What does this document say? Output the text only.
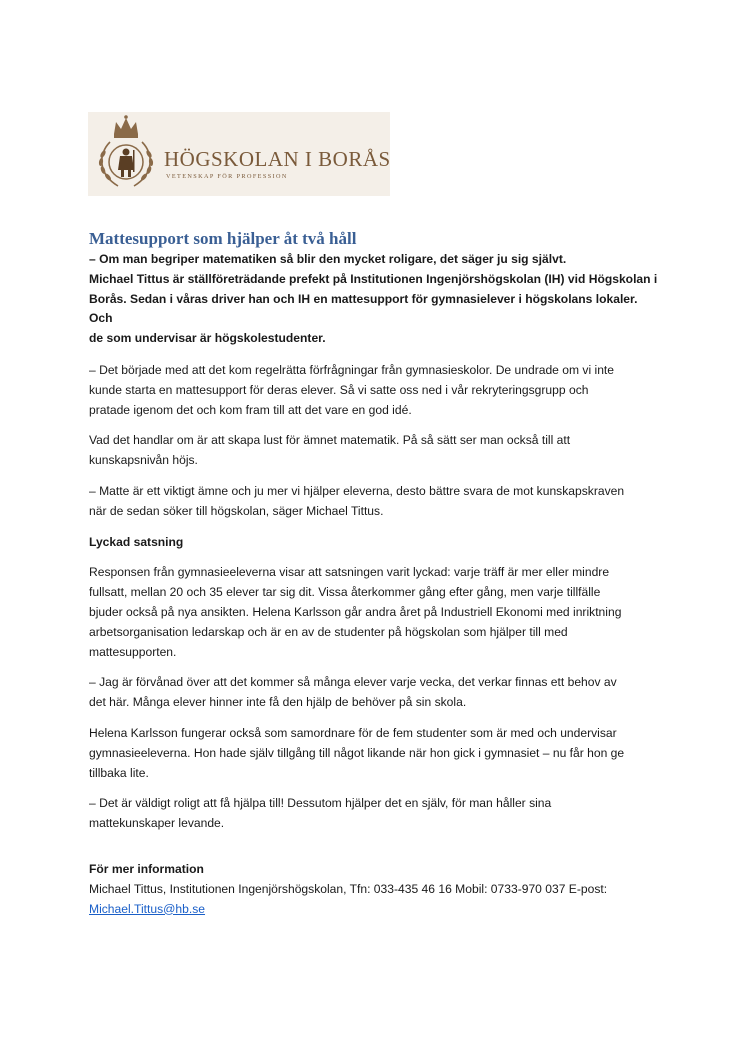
HÖGSKOLAN I BORÅS
VETENSKAP FÖR PROFESSION
Mattesupport som hjälper åt två håll

– Om man begriper matematiken så blir den mycket roligare, det säger ju sig självt.
Michael Tittus är ställföreträdande prefekt på Institutionen Ingenjörshögskolan (IH) vid Högskolan i
Borås. Sedan i våras driver han och IH en mattesupport för gymnasielever i högskolans lokaler. Och
de som undervisar är högskolestudenter.

– Det började med att det kom regelrätta förfrågningar från gymnasieskolor. De undrade om vi inte
kunde starta en mattesupport för deras elever. Så vi satte oss ned i vår rekryteringsgrupp och
pratade igenom det och kom fram till att det vare en god idé.

Vad det handlar om är att skapa lust för ämnet matematik. På så sätt ser man också till att
kunskapsnivån höjs.

– Matte är ett viktigt ämne och ju mer vi hjälper eleverna, desto bättre svara de mot kunskapskraven
när de sedan söker till högskolan, säger Michael Tittus.

Lyckad satsning

Responsen från gymnasieeleverna visar att satsningen varit lyckad: varje träff är mer eller mindre
fullsatt, mellan 20 och 35 elever tar sig dit. Vissa återkommer gång efter gång, men varje tillfälle
bjuder också på nya ansikten. Helena Karlsson går andra året på Industriell Ekonomi med inriktning
arbetsorganisation ledarskap och är en av de studenter på högskolan som hjälper till med
mattesupporten.

– Jag är förvånad över att det kommer så många elever varje vecka, det verkar finnas ett behov av
det här. Många elever hinner inte få den hjälp de behöver på sin skola.

Helena Karlsson fungerar också som samordnare för de fem studenter som är med och undervisar
gymnasieeleverna. Hon hade själv tillgång till något likande när hon gick i gymnasiet – nu får hon ge
tillbaka lite.

– Det är väldigt roligt att få hjälpa till! Dessutom hjälper det en själv, för man håller sina
mattekunskaper levande.

För mer information

Michael Tittus, Institutionen Ingenjörshögskolan, Tfn: 033-435 46 16 Mobil: 0733-970 037 E-post:

Michael.Tittus@hb.se
